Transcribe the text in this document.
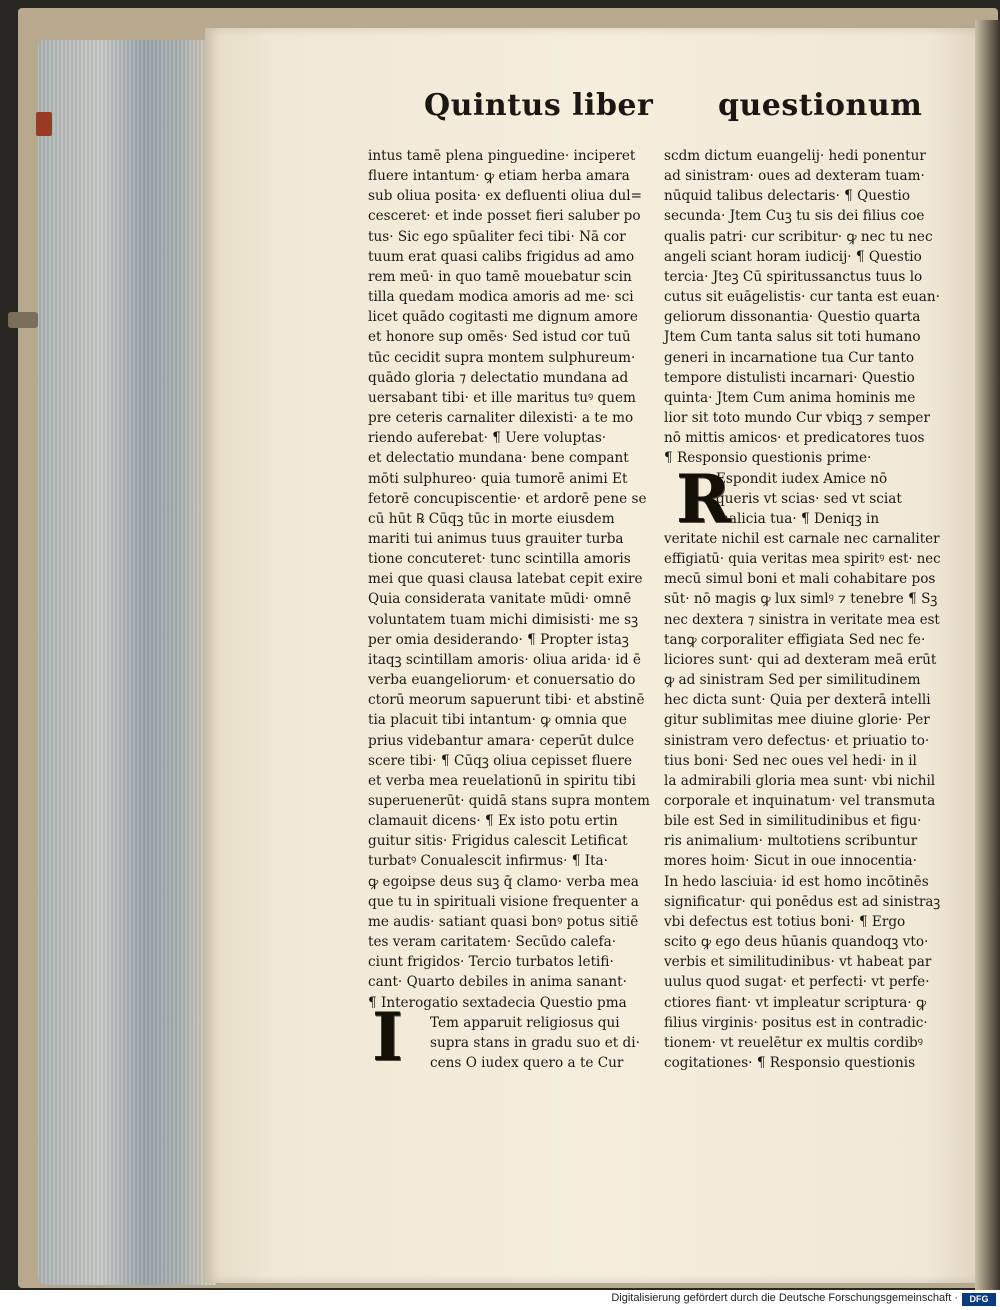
Quintus liber questionum
intus tamē plena pinguedine· inciperet
fluere intantum· ꝙ etiam herba amara
sub oliua posita· ex defluenti oliua dul=
cesceret· et inde posset fieri saluber po
tus· Sic ego spūaliter feci tibi· Nā cor
tuum erat quasi calibs frigidus ad amo
rem meū· in quo tamē mouebatur scin
tilla quedam modica amoris ad me· sci
licet quādo cogitasti me dignum amore
et honore sup omēs· Sed istud cor tuū
tūc cecidit supra montem sulphureum·
quādo gloria ⁊ delectatio mundana ad
uersabant tibi· et ille maritus tuꝰ quem
pre ceteris carnaliter dilexisti· a te mo
riendo auferebat· ¶ Uere voluptas·
et delectatio mundana· bene compant
mōti sulphureo· quia tumorē animi Et
fetorē concupiscentie· et ardorē pene se
cū hūt ℞ Cūqꝫ tūc in morte eiusdem
mariti tui animus tuus grauiter turba
tione concuteret· tunc scintilla amoris
mei que quasi clausa latebat cepit exire
Quia considerata vanitate mūdi· omnē
voluntatem tuam michi dimisisti· me sꝫ
per omia desiderando· ¶ Propter istaꝫ
itaqꝫ scintillam amoris· oliua arida· id ē
verba euangeliorum· et conuersatio do
ctorū meorum sapuerunt tibi· et abstinē
tia placuit tibi intantum· ꝙ omnia que
prius videbantur amara· ceperūt dulce
scere tibi· ¶ Cūqꝫ oliua cepisset fluere
et verba mea reuelationū in spiritu tibi
superuenerūt· quidā stans supra montem
clamauit dicens· ¶ Ex isto potu ertin
guitur sitis· Frigidus calescit Letificat
turbatꝰ Conualescit infirmus· ¶ Ita·
ꝙ egoipse deus suꝫ q̄ clamo· verba mea
que tu in spirituali visione frequenter a
me audis· satiant quasi bonꝰ potus sitiē
tes veram caritatem· Secūdo calefa·
ciunt frigidos· Tercio turbatos letifi·
cant· Quarto debiles in anima sanant·
¶ Interogatio sextadecia Questio pma
Tem apparuit religiosus qui
supra stans in gradu suo et di·
cens O iudex quero a te Cur
scdm dictum euangelij· hedi ponentur
ad sinistram· oues ad dexteram tuam·
nūquid talibus delectaris· ¶ Questio
secunda· Jtem Cuꝫ tu sis dei filius coe
qualis patri· cur scribitur· ꝙ nec tu nec
angeli sciant horam iudicij· ¶ Questio
tercia· Jteꝫ Cū spiritussanctus tuus lo
cutus sit euāgelistis· cur tanta est euan·
geliorum dissonantia· Questio quarta
Jtem Cum tanta salus sit toti humano
generi in incarnatione tua Cur tanto
tempore distulisti incarnari· Questio
quinta· Jtem Cum anima hominis me
lior sit toto mundo Cur vbiqꝫ ⁊ semper
nō mittis amicos· et predicatores tuos
¶ Responsio questionis prime·
Espondit iudex Amice nō
queris vt scias· sed vt sciat
malicia tua· ¶ Deniqꝫ in
veritate nichil est carnale nec carnaliter
effigiatū· quia veritas mea spiritꝰ est· nec
mecū simul boni et mali cohabitare pos
sūt· nō magis ꝙ lux simlꝰ ⁊ tenebre ¶ Sꝫ
nec dextera ⁊ sinistra in veritate mea est
tanꝙ corporaliter effigiata Sed nec fe·
liciores sunt· qui ad dexteram meā erūt
ꝙ ad sinistram Sed per similitudinem
hec dicta sunt· Quia per dexterā intelli
gitur sublimitas mee diuine glorie· Per
sinistram vero defectus· et priuatio to·
tius boni· Sed nec oues vel hedi· in il
la admirabili gloria mea sunt· vbi nichil
corporale et inquinatum· vel transmuta
bile est Sed in similitudinibus et figu·
ris animalium· multotiens scribuntur
mores hoim· Sicut in oue innocentia·
In hedo lasciuia· id est homo incōtinēs
significatur· qui ponēdus est ad sinistraꝫ
vbi defectus est totius boni· ¶ Ergo
scito ꝙ ego deus hūanis quandoqꝫ vto·
verbis et similitudinibus· vt habeat par
uulus quod sugat· et perfecti· vt perfe·
ctiores fiant· vt impleatur scriptura· ꝙ
filius virginis· positus est in contradic·
tionem· vt reuelētur ex multis cordibꝰ
cogitationes· ¶ Responsio questionis
R
I
Digitalisierung gefördert durch die Deutsche Forschungsgemeinschaft ·	DFG
